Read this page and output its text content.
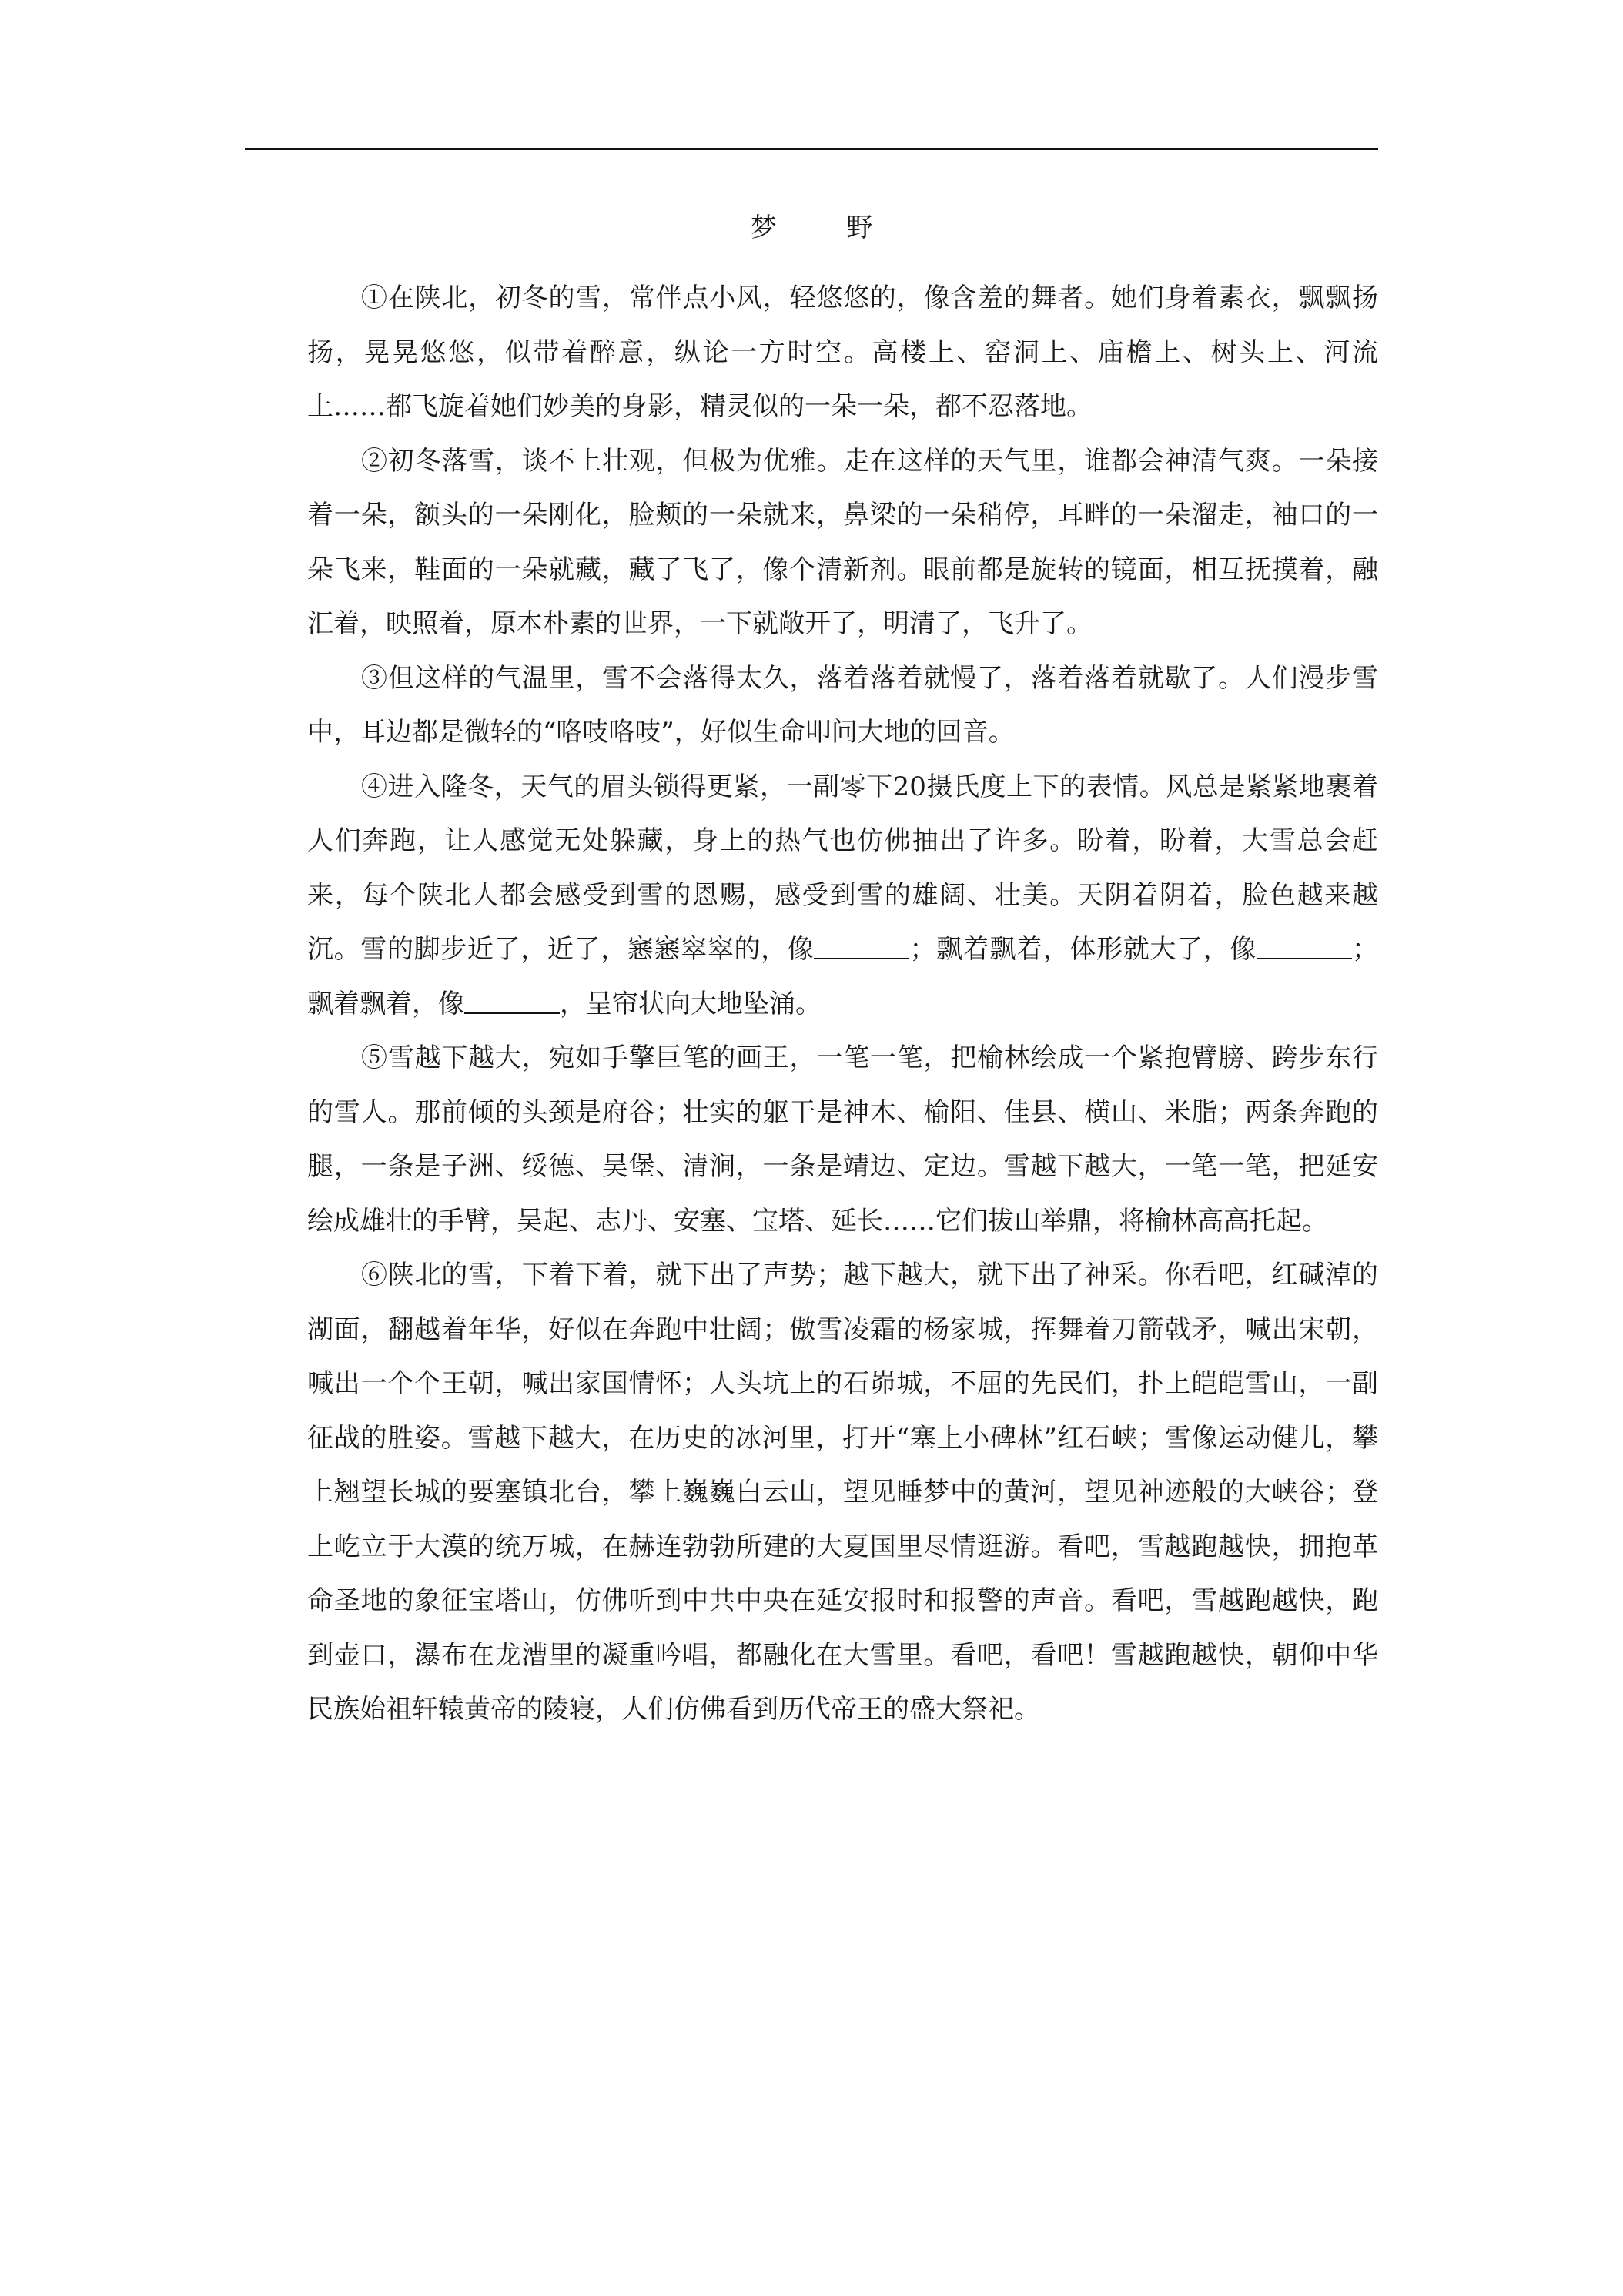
梦 野

①在陕北，初冬的雪，常伴点小风，轻悠悠的，像含羞的舞者。她们身着素衣，飘飘扬扬，晃晃悠悠，似带着醉意，纵论一方时空。高楼上、窑洞上、庙檐上、树头上、河流上……都飞旋着她们妙美的身影，精灵似的一朵一朵，都不忍落地。

②初冬落雪，谈不上壮观，但极为优雅。走在这样的天气里，谁都会神清气爽。一朵接着一朵，额头的一朵刚化，脸颊的一朵就来，鼻梁的一朵稍停，耳畔的一朵溜走，袖口的一朵飞来，鞋面的一朵就藏，藏了飞了，像个清新剂。眼前都是旋转的镜面，相互抚摸着，融汇着，映照着，原本朴素的世界，一下就敞开了，明清了，飞升了。

③但这样的气温里，雪不会落得太久，落着落着就慢了，落着落着就歇了。人们漫步雪中，耳边都是微轻的“咯吱咯吱”，好似生命叩问大地的回音。

④进入隆冬，天气的眉头锁得更紧，一副零下20摄氏度上下的表情。风总是紧紧地裹着人们奔跑，让人感觉无处躲藏，身上的热气也仿佛抽出了许多。盼着，盼着，大雪总会赶来，每个陕北人都会感受到雪的恩赐，感受到雪的雄阔、壮美。天阴着阴着，脸色越来越沉。雪的脚步近了，近了，窸窸窣窣的，像	；飘着飘着，体形就大了，像	；飘着飘着，像	，呈帘状向大地坠涌。

⑤雪越下越大，宛如手擎巨笔的画王，一笔一笔，把榆林绘成一个紧抱臂膀、跨步东行的雪人。那前倾的头颈是府谷；壮实的躯干是神木、榆阳、佳县、横山、米脂；两条奔跑的腿，一条是子洲、绥德、吴堡、清涧，一条是靖边、定边。雪越下越大，一笔一笔，把延安绘成雄壮的手臂，吴起、志丹、安塞、宝塔、延长……它们拔山举鼎，将榆林高高托起。

⑥陕北的雪，下着下着，就下出了声势；越下越大，就下出了神采。你看吧，红碱淖的湖面，翻越着年华，好似在奔跑中壮阔；傲雪凌霜的杨家城，挥舞着刀箭戟矛，喊出宋朝，喊出一个个王朝，喊出家国情怀；人头坑上的石峁城，不屈的先民们，扑上皑皑雪山，一副征战的胜姿。雪越下越大，在历史的冰河里，打开“塞上小碑林”红石峡；雪像运动健儿，攀上翘望长城的要塞镇北台，攀上巍巍白云山，望见睡梦中的黄河，望见神迹般的大峡谷；登上屹立于大漠的统万城，在赫连勃勃所建的大夏国里尽情逛游。看吧，雪越跑越快，拥抱革命圣地的象征宝塔山，仿佛听到中共中央在延安报时和报警的声音。看吧，雪越跑越快，跑到壶口，瀑布在龙漕里的凝重吟唱，都融化在大雪里。看吧，看吧！雪越跑越快，朝仰中华民族始祖轩辕黄帝的陵寝，人们仿佛看到历代帝王的盛大祭祀。
